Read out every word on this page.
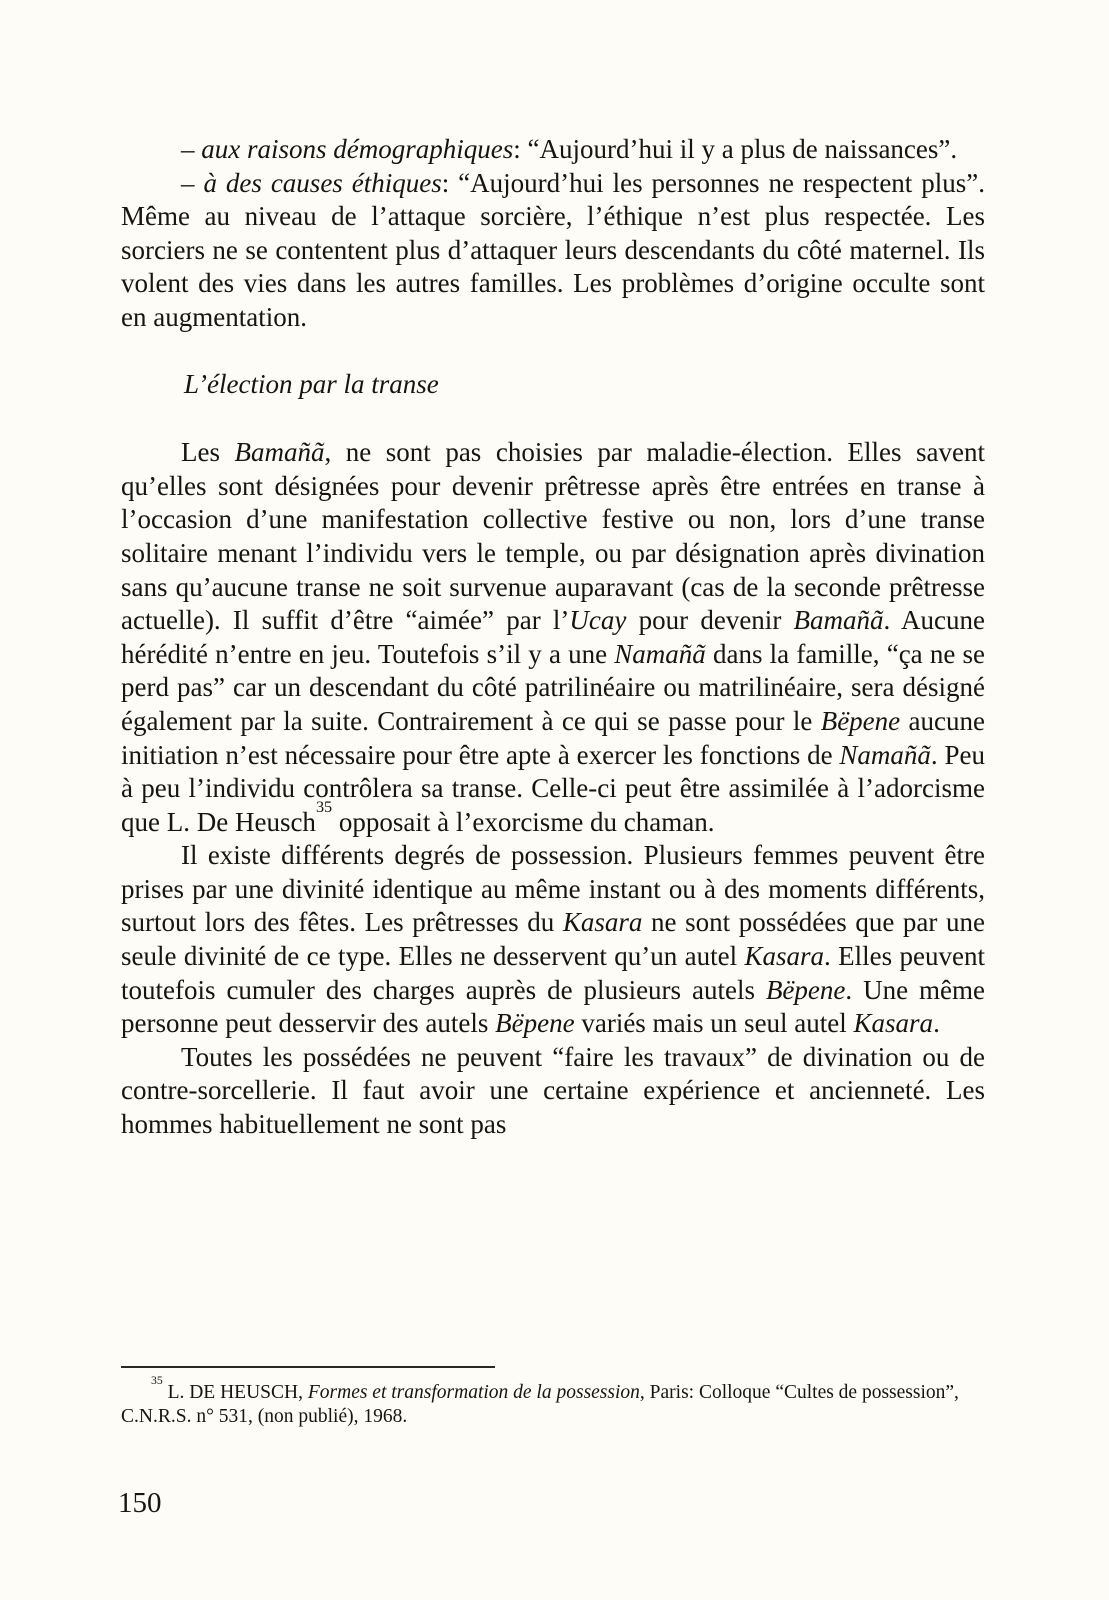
– aux raisons démographiques: “Aujourd’hui il y a plus de naissances”.

– à des causes éthiques: “Aujourd’hui les personnes ne respectent plus”. Même au niveau de l’attaque sorcière, l’éthique n’est plus respectée. Les sorciers ne se contentent plus d’attaquer leurs descendants du côté maternel. Ils volent des vies dans les autres familles. Les problèmes d’origine occulte sont en augmentation.

L’élection par la transe

Les Bamañã, ne sont pas choisies par maladie-élection. Elles savent qu’elles sont désignées pour devenir prêtresse après être entrées en transe à l’occasion d’une manifestation collective festive ou non, lors d’une transe solitaire menant l’individu vers le temple, ou par désignation après divination sans qu’aucune transe ne soit survenue auparavant (cas de la seconde prêtresse actuelle). Il suffit d’être “aimée” par l’Ucay pour devenir Bamañã. Aucune hérédité n’entre en jeu. Toutefois s’il y a une Namañã dans la famille, “ça ne se perd pas” car un descendant du côté patrilinéaire ou matrilinéaire, sera désigné également par la suite. Contrairement à ce qui se passe pour le Bëpene aucune initiation n’est nécessaire pour être apte à exercer les fonctions de Namañã. Peu à peu l’individu contrôlera sa transe. Celle-ci peut être assimilée à l’adorcisme que L. De Heusch$^{35}$ opposait à l’exorcisme du chaman.

Il existe différents degrés de possession. Plusieurs femmes peuvent être prises par une divinité identique au même instant ou à des moments différents, surtout lors des fêtes. Les prêtresses du Kasara ne sont possédées que par une seule divinité de ce type. Elles ne desservent qu’un autel Kasara. Elles peuvent toutefois cumuler des charges auprès de plusieurs autels Bëpene. Une même personne peut desservir des autels Bëpene variés mais un seul autel Kasara.

Toutes les possédées ne peuvent “faire les travaux” de divination ou de contre-sorcellerie. Il faut avoir une certaine expérience et ancienneté. Les hommes habituellement ne sont pas

$^{35}$ L. DE HEUSCH, Formes et transformation de la possession, Paris: Colloque “Cultes de possession”, C.N.R.S. n° 531, (non publié), 1968.

150
